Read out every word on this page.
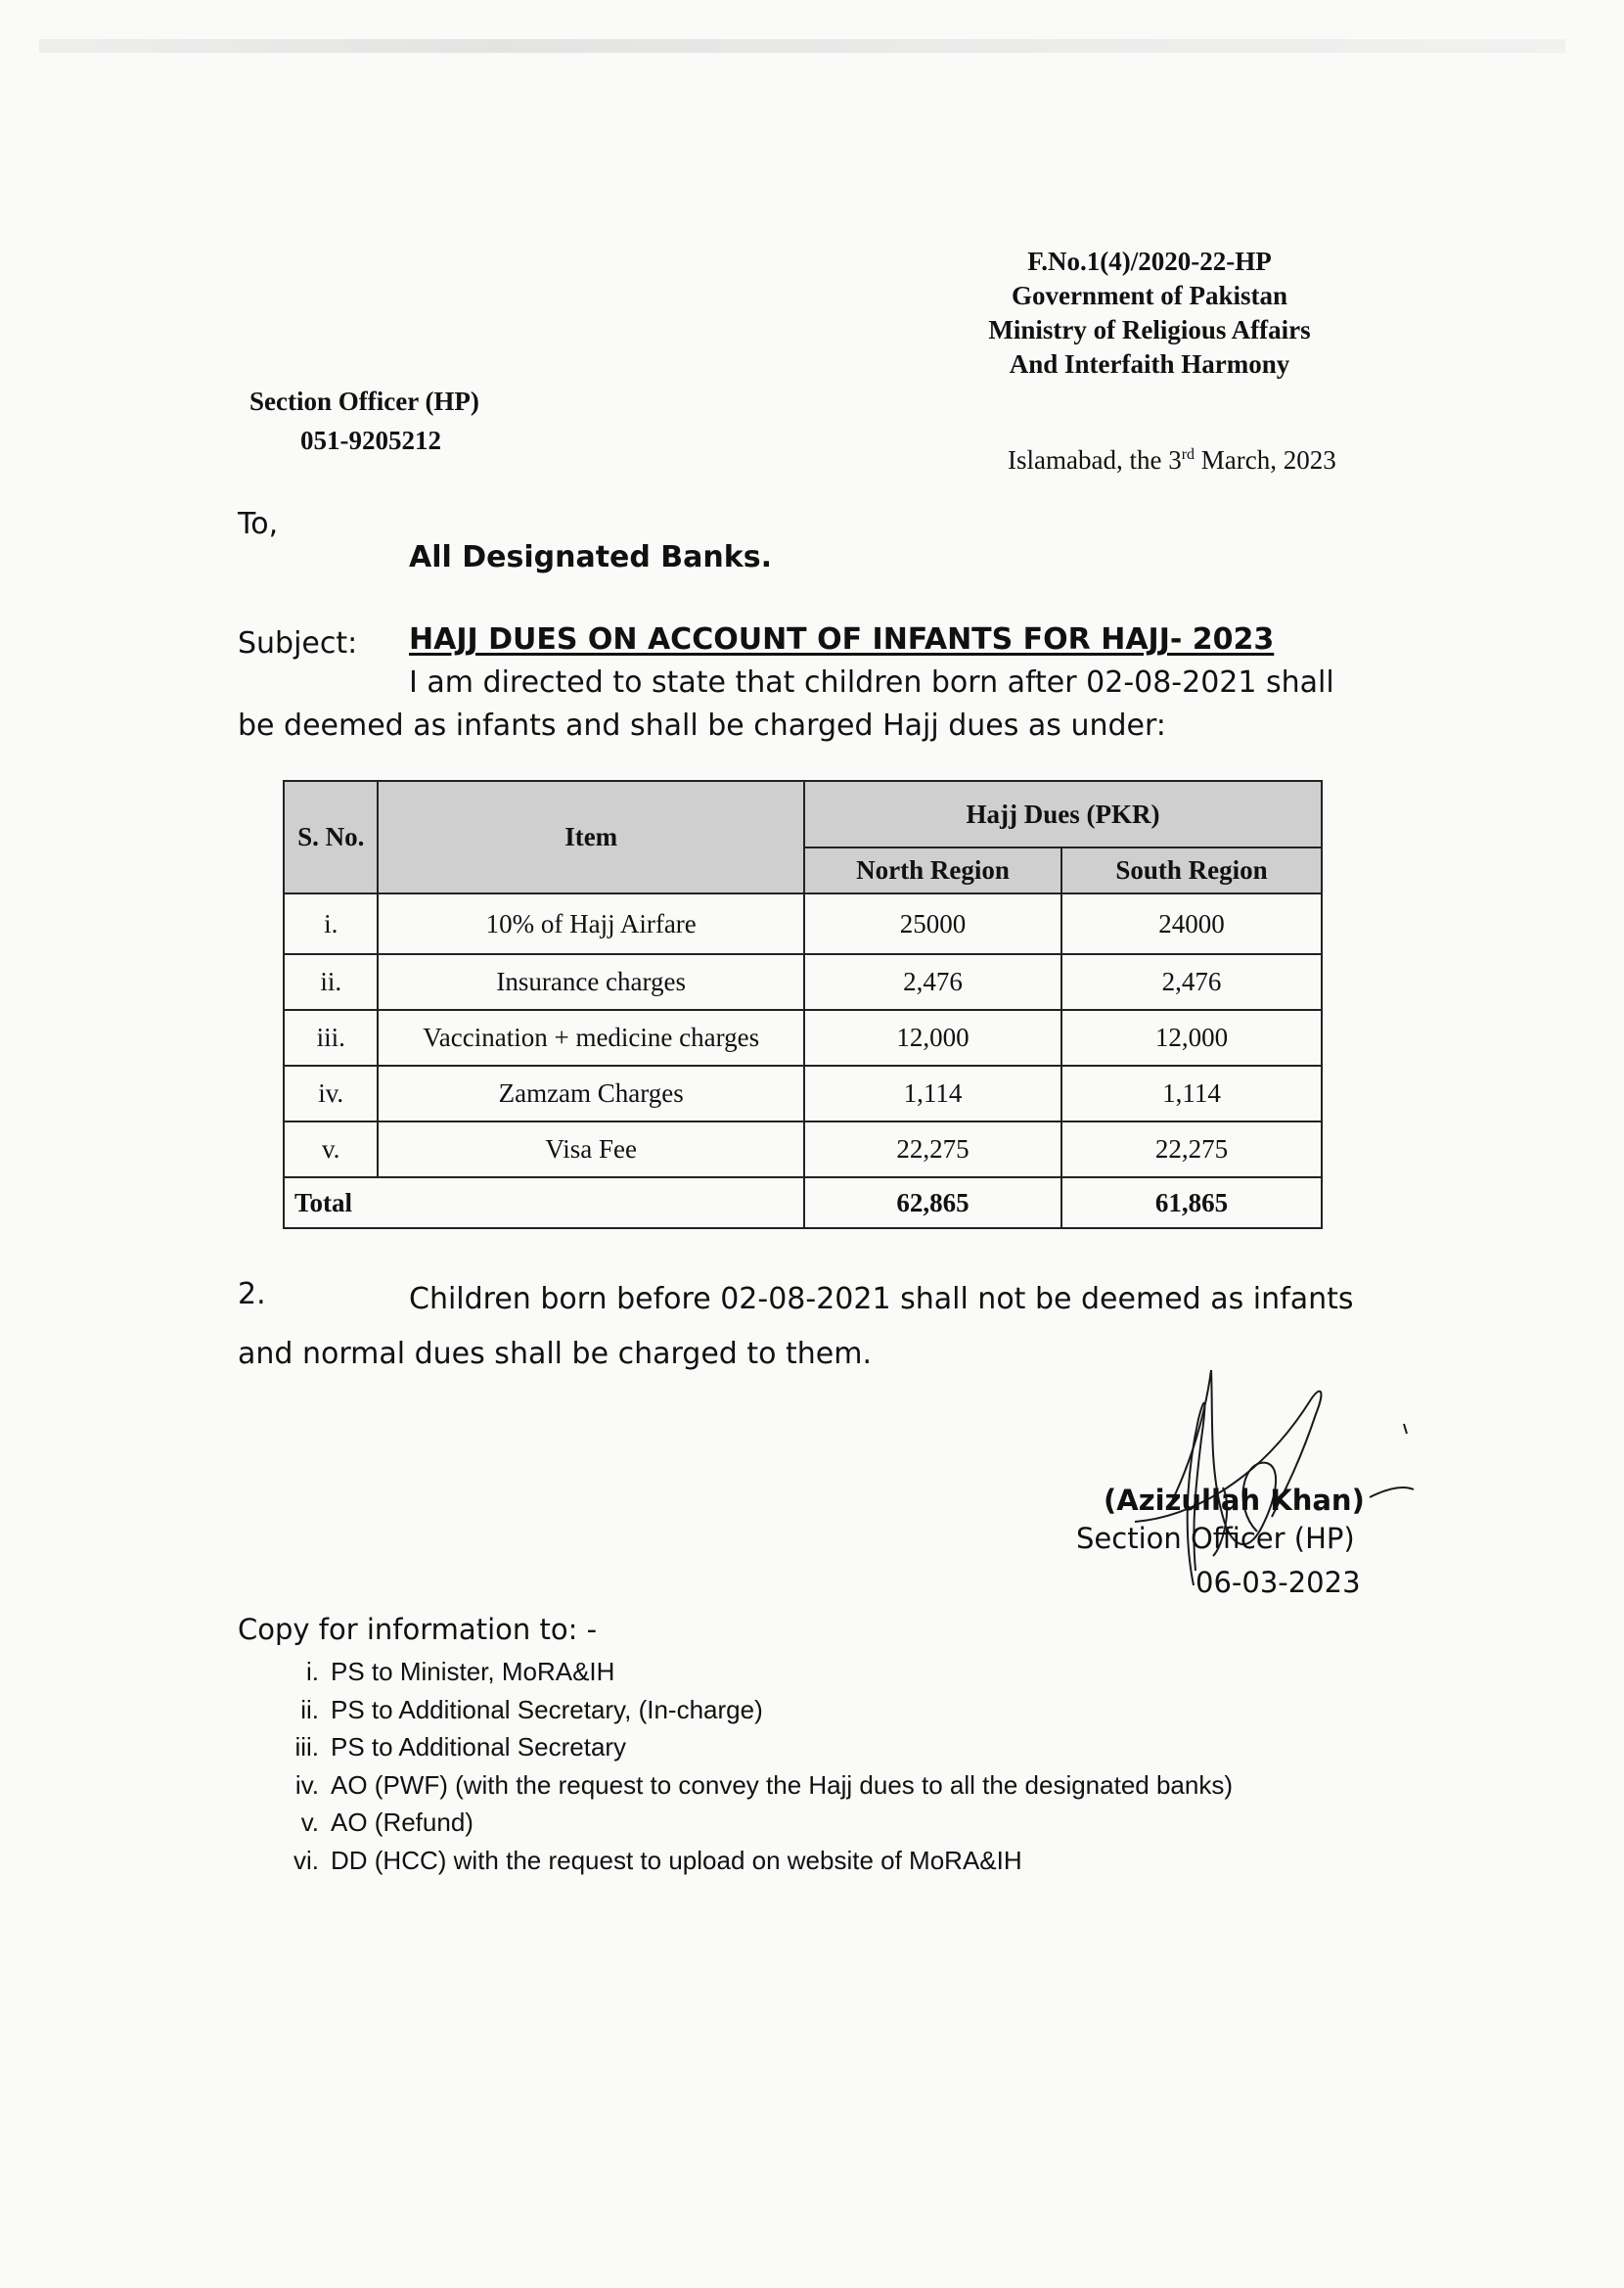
F.No.1(4)/2020-22-HP
Government of Pakistan
Ministry of Religious Affairs
And Interfaith Harmony
Section Officer (HP)
051-9205212
Islamabad, the 3rd March, 2023
To,
All Designated Banks.
Subject: HAJJ DUES ON ACCOUNT OF INFANTS FOR HAJJ- 2023
I am directed to state that children born after 02-08-2021 shall be deemed as infants and shall be charged Hajj dues as under:
S. No.	Item	Hajj Dues (PKR)	
		North Region	South Region
i.	10% of Hajj Airfare	25000	24000
ii.	Insurance charges	2,476	2,476
iii.	Vaccination + medicine charges	12,000	12,000
iv.	Zamzam Charges	1,114	1,114
v.	Visa Fee	22,275	22,275
Total		62,865	61,865
2.	Children born before 02-08-2021 shall not be deemed as infants and normal dues shall be charged to them.
(Azizullah Khan)
Section Officer (HP)
06-03-2023
Copy for information to: -
i. PS to Minister, MoRA&IH
ii. PS to Additional Secretary, (In-charge)
iii. PS to Additional Secretary
iv. AO (PWF) (with the request to convey the Hajj dues to all the designated banks)
v. AO (Refund)
vi. DD (HCC) with the request to upload on website of MoRA&IH
